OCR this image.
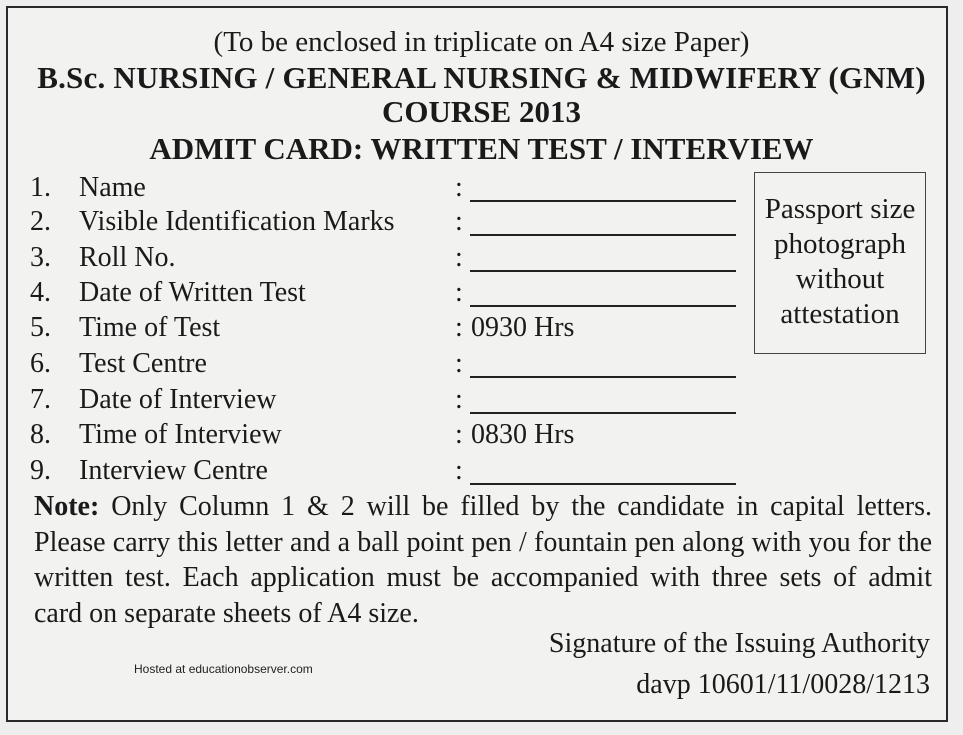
(To be enclosed in triplicate on A4 size Paper)
B.Sc. NURSING / GENERAL NURSING & MIDWIFERY (GNM)
COURSE 2013
ADMIT CARD: WRITTEN TEST / INTERVIEW
1. Name	:
2. Visible Identification Marks :
3. Roll No.	:
4. Date of Written Test	:
5. Time of Test	: 0930 Hrs
6. Test Centre	:
7. Date of Interview	:
8. Time of Interview	: 0830 Hrs
9. Interview Centre	:
Passport size
photograph
without
attestation
Note: Only Column 1 & 2 will be filled by the candidate in capital letters. Please carry this letter and a ball point pen / fountain pen along with you for the written test. Each application must be accompanied with three sets of admit card on separate sheets of A4 size.
Signature of the Issuing Authority
Hosted at educationobserver.com	davp 10601/11/0028/1213
